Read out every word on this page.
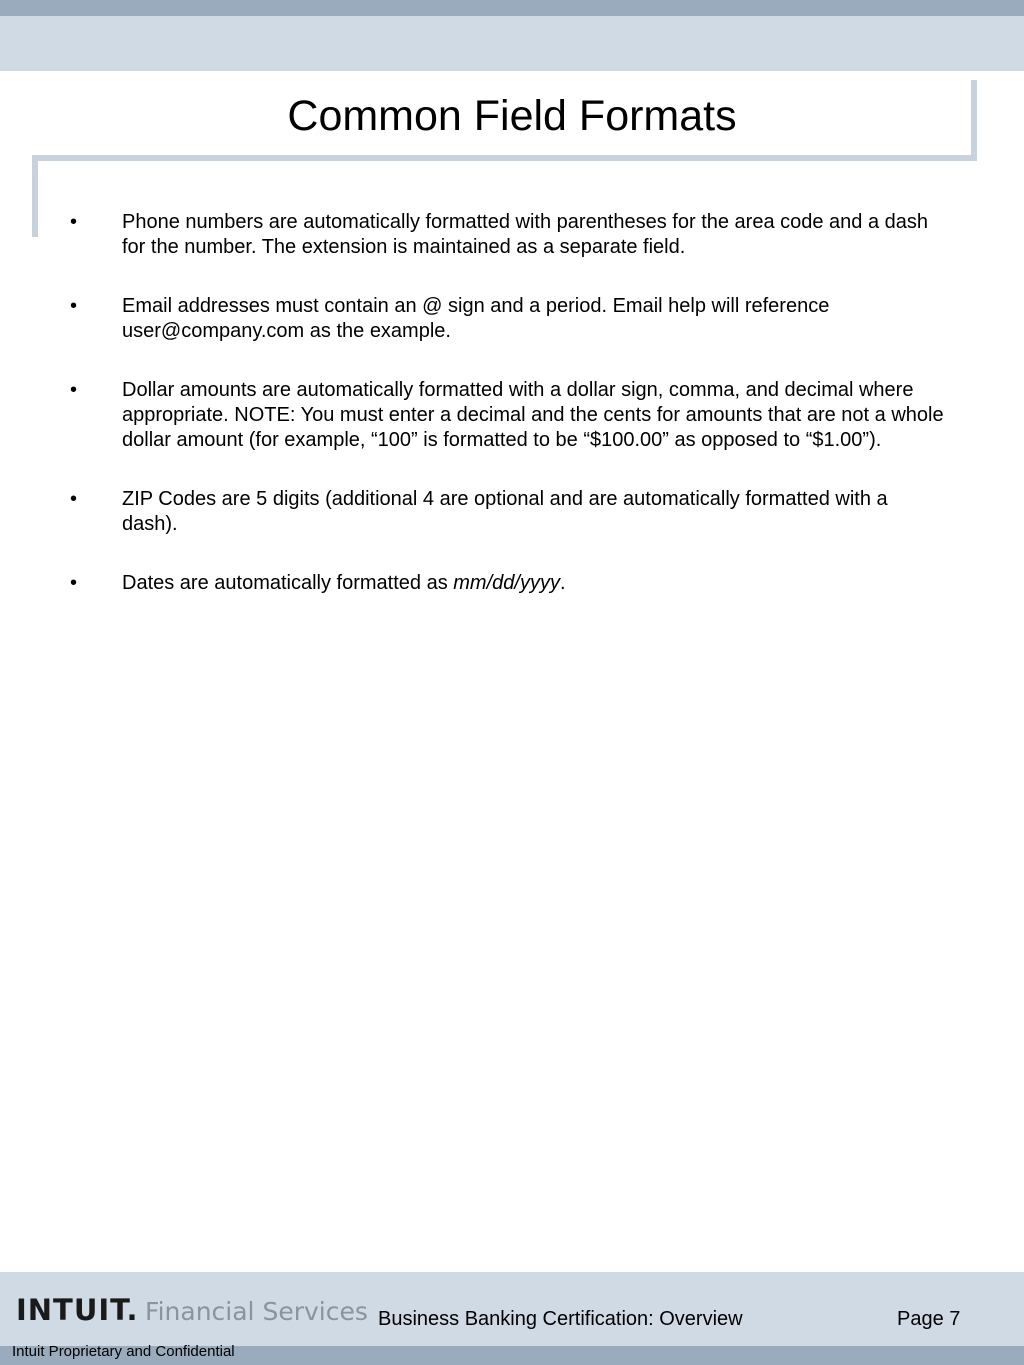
Common Field Formats
• Phone numbers are automatically formatted with parentheses for the area code and a dash for the number. The extension is maintained as a separate field.
• Email addresses must contain an @ sign and a period. Email help will reference user@company.com as the example.
• Dollar amounts are automatically formatted with a dollar sign, comma, and decimal where appropriate. NOTE: You must enter a decimal and the cents for amounts that are not a whole dollar amount (for example, “100” is formatted to be “$100.00” as opposed to “$1.00”).
• ZIP Codes are 5 digits (additional 4 are optional and are automatically formatted with a dash).
• Dates are automatically formatted as mm/dd/yyyy.
INTUIT. Financial Services Business Banking Certification: Overview	Page 7
Intuit Proprietary and Confidential
